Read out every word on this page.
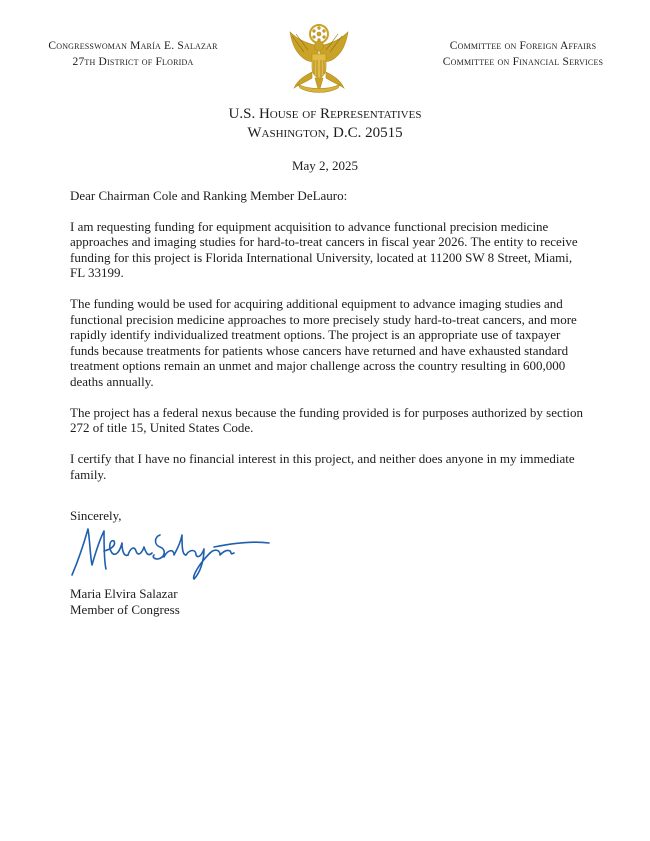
Congresswoman María E. Salazar
27th District of Florida
Committee on Foreign Affairs
Committee on Financial Services
U.S. House of Representatives
Washington, D.C. 20515
May 2, 2025

Dear Chairman Cole and Ranking Member DeLauro:

I am requesting funding for equipment acquisition to advance functional precision medicine approaches and imaging studies for hard-to-treat cancers in fiscal year 2026. The entity to receive funding for this project is Florida International University, located at 11200 SW 8 Street, Miami, FL 33199.

The funding would be used for acquiring additional equipment to advance imaging studies and functional precision medicine approaches to more precisely study hard-to-treat cancers, and more rapidly identify individualized treatment options. The project is an appropriate use of taxpayer funds because treatments for patients whose cancers have returned and have exhausted standard treatment options remain an unmet and major challenge across the country resulting in 600,000 deaths annually.

The project has a federal nexus because the funding provided is for purposes authorized by section 272 of title 15, United States Code.

I certify that I have no financial interest in this project, and neither does anyone in my immediate family.

Sincerely,
Maria Elvira Salazar
Member of Congress
